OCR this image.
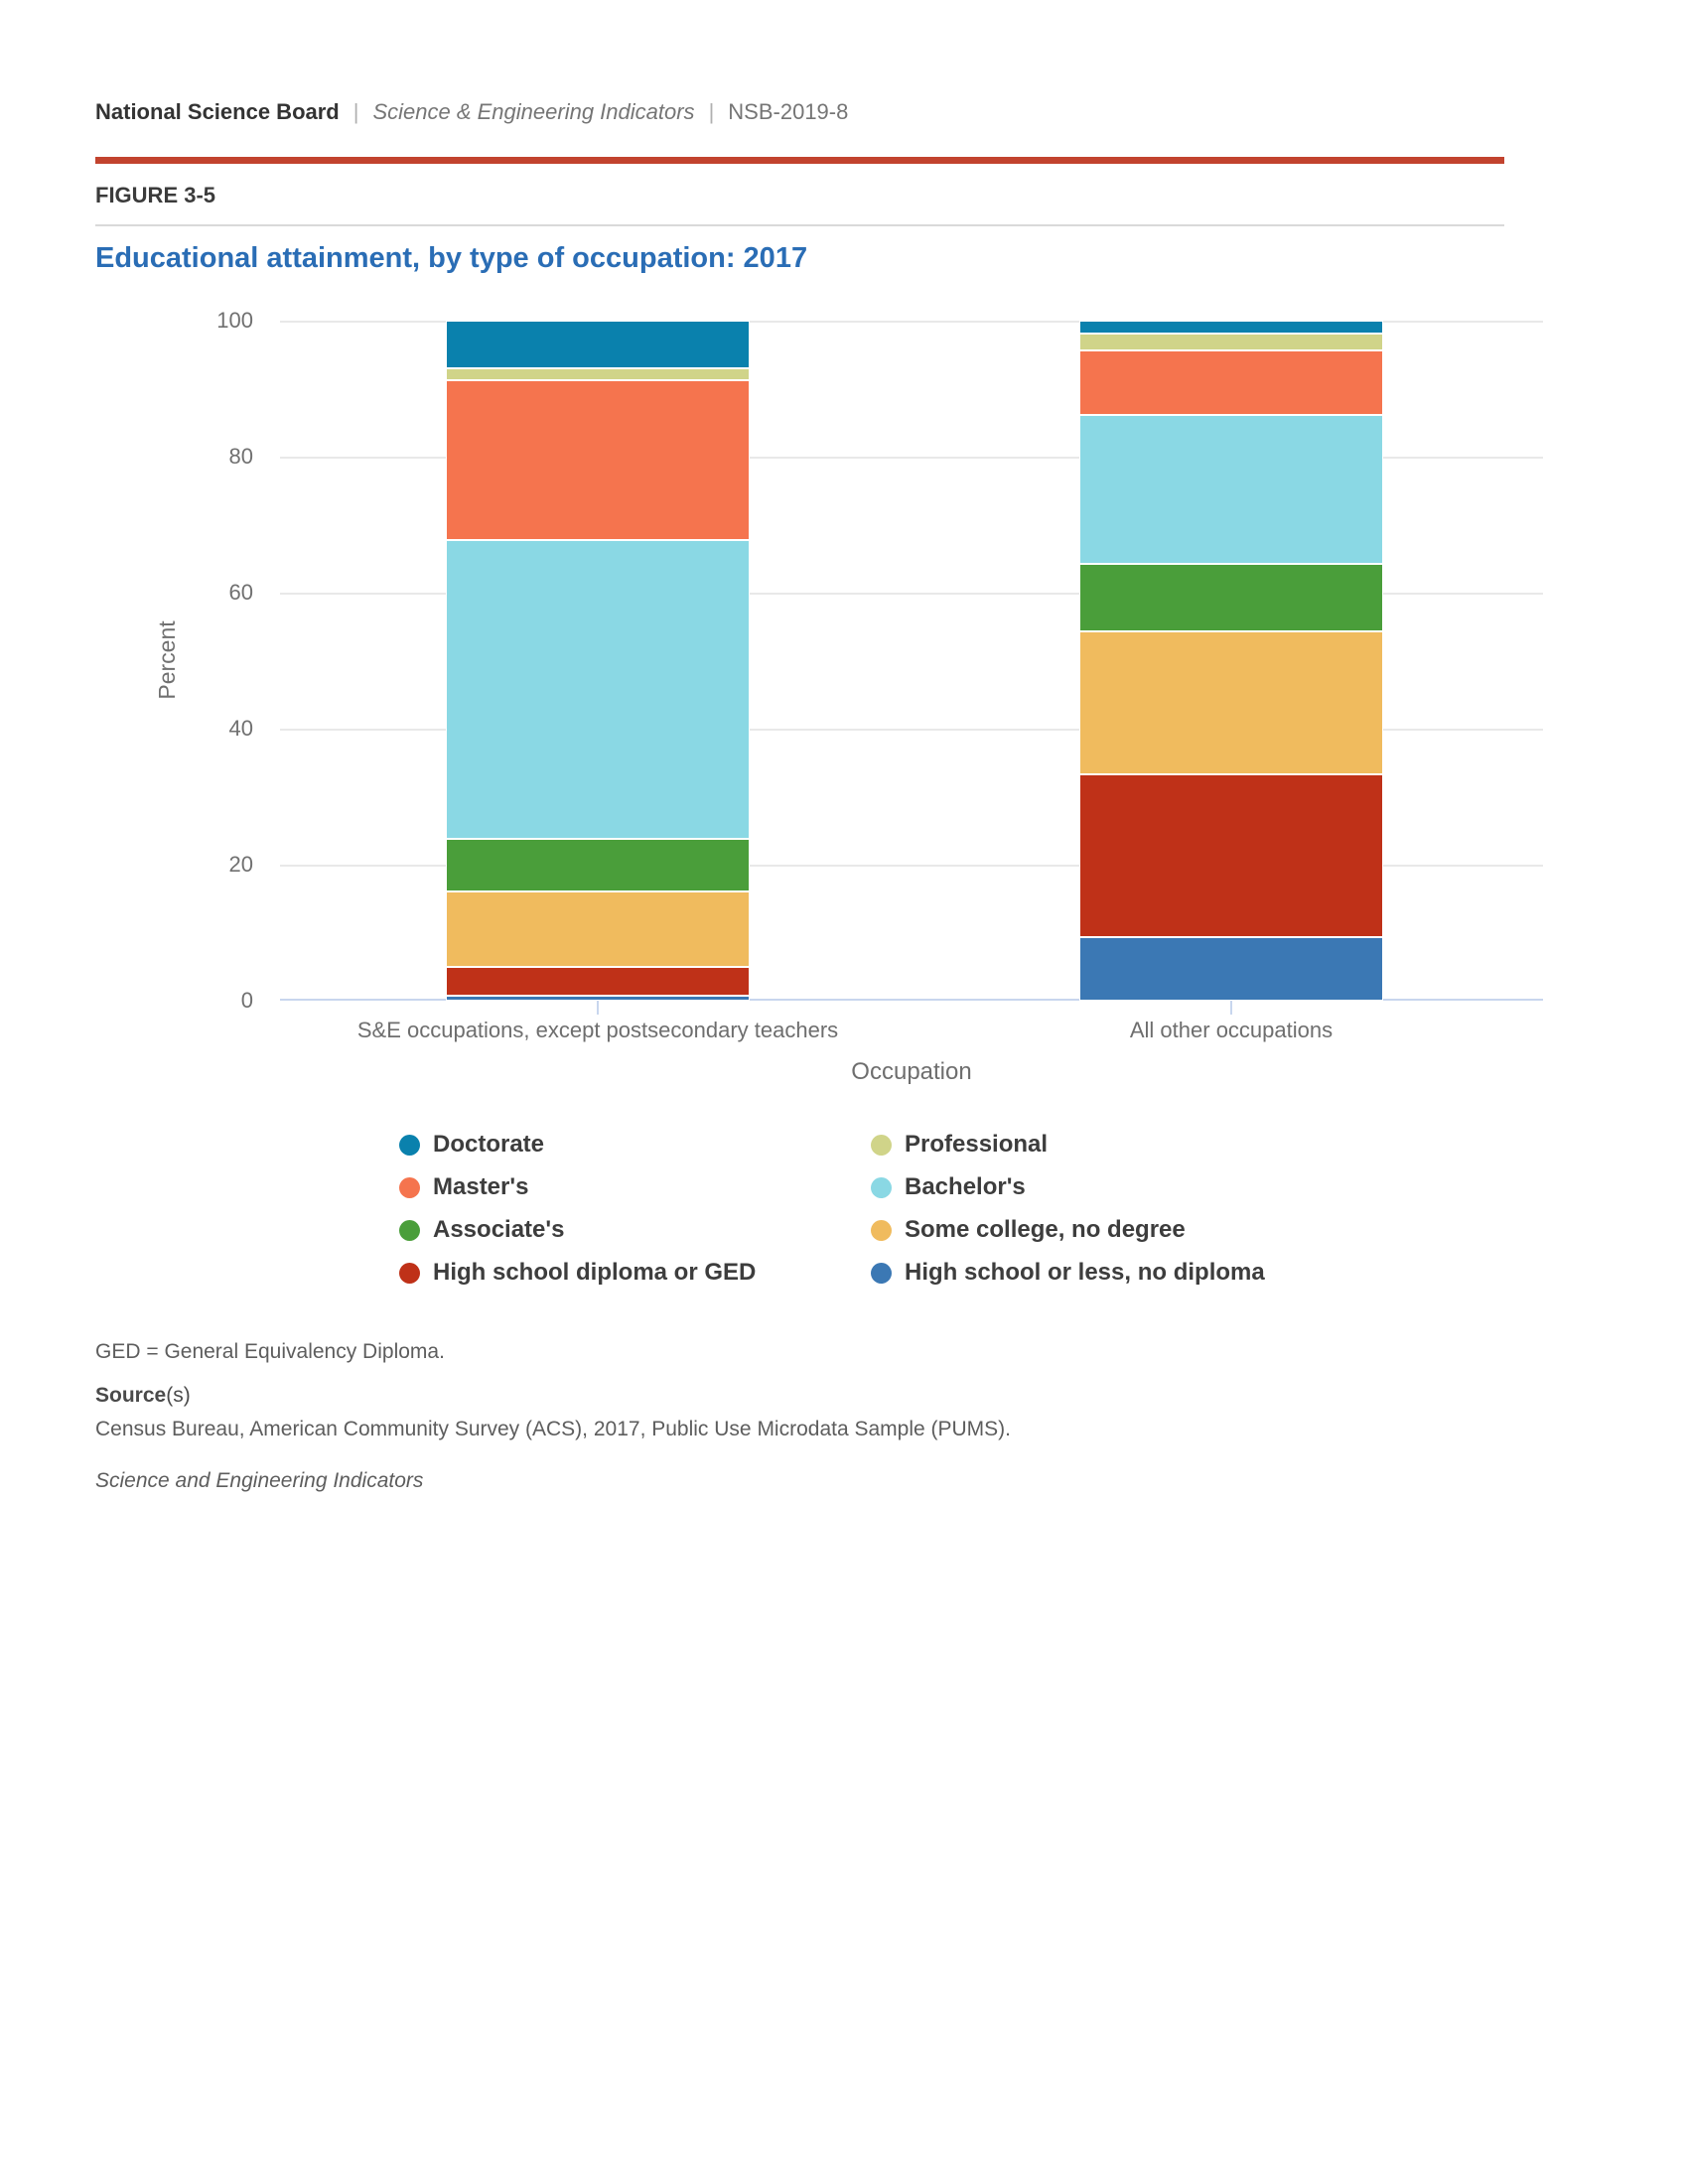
National Science Board | Science & Engineering Indicators | NSB-2019-8
FIGURE 3-5
Educational attainment, by type of occupation: 2017
0
20
40
60
80
100
Percent
Occupation
S&E occupations, except postsecondary teachers	All other occupations
Doctorate
Master's
Associate's
High school diploma or GED
Professional
Bachelor's
Some college, no degree
High school or less, no diploma
GED = General Equivalency Diploma.
Source(s)
Census Bureau, American Community Survey (ACS), 2017, Public Use Microdata Sample (PUMS).
Science and Engineering Indicators
